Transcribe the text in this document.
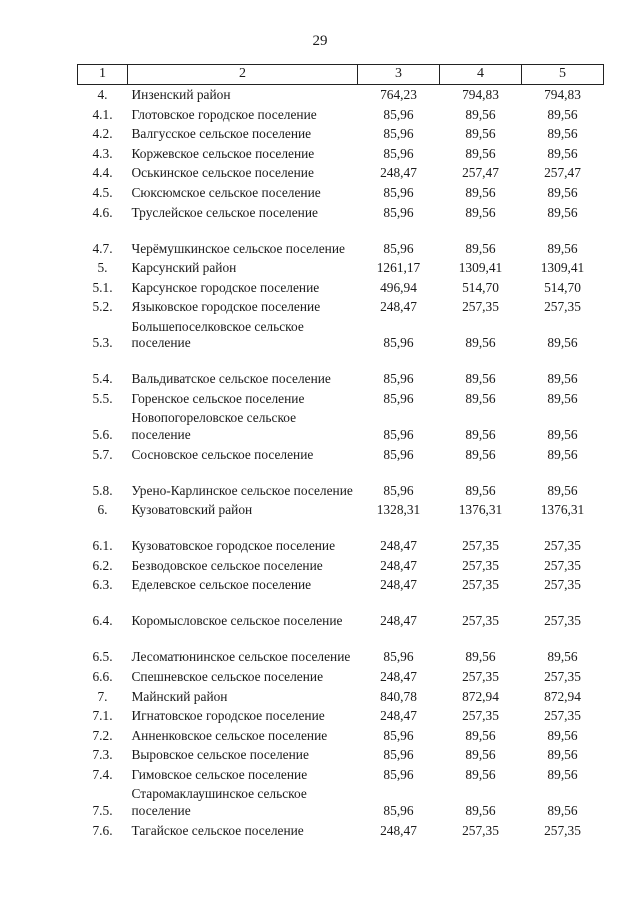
29
1	2	3	4	5
4.	Инзенский район	764,23	794,83	794,83
4.1.	Глотовское городское поселение	85,96	89,56	89,56
4.2.	Валгусское сельское поселение	85,96	89,56	89,56
4.3.	Коржевское сельское поселение	85,96	89,56	89,56
4.4.	Оськинское сельское поселение	248,47	257,47	257,47
4.5.	Сюксюмское сельское поселение	85,96	89,56	89,56
4.6.	Труслейское сельское поселение	85,96	89,56	89,56
4.7.	Черёмушкинское сельское поселение	85,96	89,56	89,56
5.	Карсунский район	1261,17	1309,41	1309,41
5.1.	Карсунское городское поселение	496,94	514,70	514,70
5.2.	Языковское городское поселение	248,47	257,35	257,35
5.3.	Большепоселковское сельское поселение	85,96	89,56	89,56
5.4.	Вальдиватское сельское поселение	85,96	89,56	89,56
5.5.	Горенское сельское поселение	85,96	89,56	89,56
5.6.	Новопогореловское сельское поселение	85,96	89,56	89,56
5.7.	Сосновское сельское поселение	85,96	89,56	89,56
5.8.	Урено-Карлинское сельское поселение	85,96	89,56	89,56
6.	Кузоватовский район	1328,31	1376,31	1376,31
6.1.	Кузоватовское городское поселение	248,47	257,35	257,35
6.2.	Безводовское сельское поселение	248,47	257,35	257,35
6.3.	Еделевское сельское поселение	248,47	257,35	257,35
6.4.	Коромысловское сельское поселение	248,47	257,35	257,35
6.5.	Лесоматюнинское сельское поселение	85,96	89,56	89,56
6.6.	Спешневское сельское поселение	248,47	257,35	257,35
7.	Майнский район	840,78	872,94	872,94
7.1.	Игнатовское городское поселение	248,47	257,35	257,35
7.2.	Анненковское сельское поселение	85,96	89,56	89,56
7.3.	Выровское сельское поселение	85,96	89,56	89,56
7.4.	Гимовское сельское поселение	85,96	89,56	89,56
7.5.	Старомаклаушинское сельское поселение	85,96	89,56	89,56
7.6.	Тагайское сельское поселение	248,47	257,35	257,35
